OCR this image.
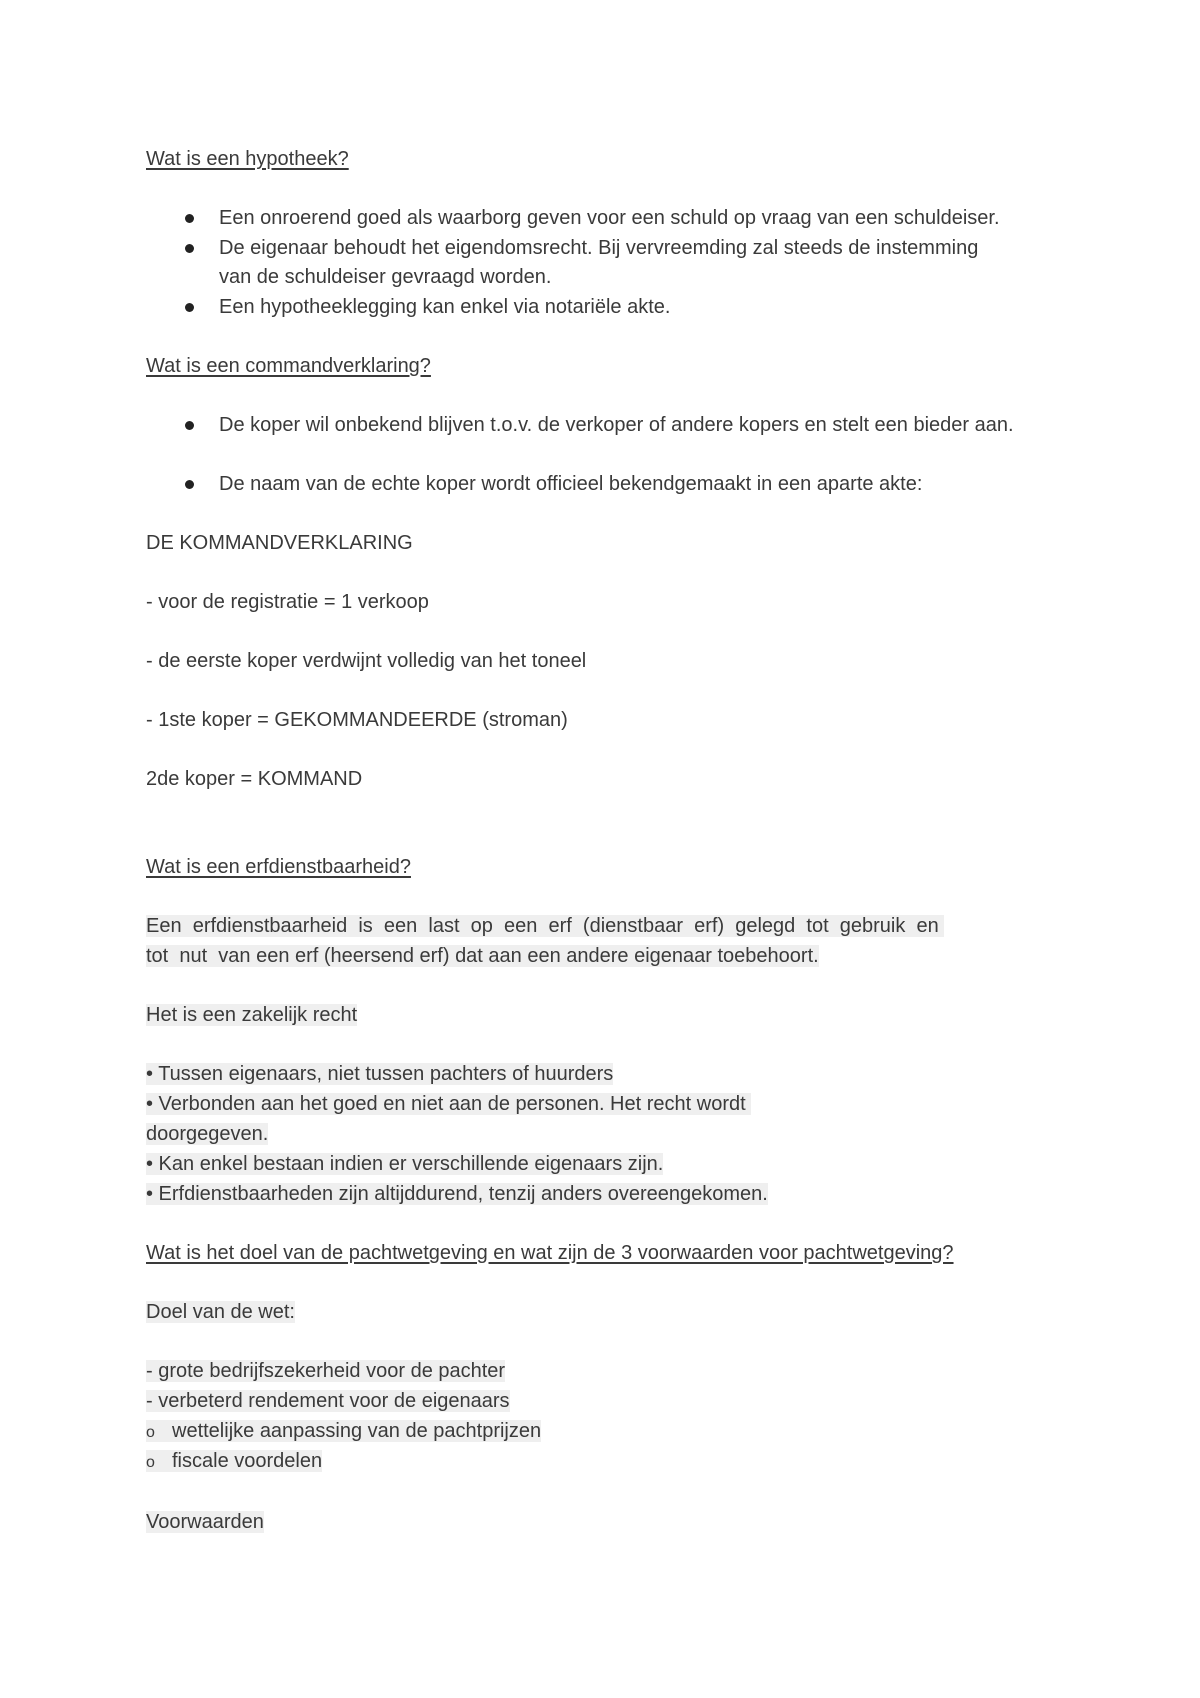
Wat is een hypotheek?
Een onroerend goed als waarborg geven voor een schuld op vraag van een schuldeiser.
De eigenaar behoudt het eigendomsrecht. Bij vervreemding zal steeds de instemming
van de schuldeiser gevraagd worden.
Een hypotheeklegging kan enkel via notariële akte.
Wat is een commandverklaring?
De koper wil onbekend blijven t.o.v. de verkoper of andere kopers en stelt een bieder aan.
De naam van de echte koper wordt officieel bekendgemaakt in een aparte akte:
DE KOMMANDVERKLARING
- voor de registratie = 1 verkoop
- de eerste koper verdwijnt volledig van het toneel
- 1ste koper = GEKOMMANDEERDE (stroman)
2de koper = KOMMAND
Wat is een erfdienstbaarheid?
Een  erfdienstbaarheid  is  een  last  op  een  erf  (dienstbaar  erf)  gelegd  tot  gebruik  en
tot  nut  van een erf (heersend erf) dat aan een andere eigenaar toebehoort.
Het is een zakelijk recht
• Tussen eigenaars, niet tussen pachters of huurders
• Verbonden aan het goed en niet aan de personen. Het recht wordt
doorgegeven.
• Kan enkel bestaan indien er verschillende eigenaars zijn.
• Erfdienstbaarheden zijn altijddurend, tenzij anders overeengekomen.
Wat is het doel van de pachtwetgeving en wat zijn de 3 voorwaarden voor pachtwetgeving?
Doel van de wet:
- grote bedrijfszekerheid voor de pachter
- verbeterd rendement voor de eigenaars
o wettelijke aanpassing van de pachtprijzen
o fiscale voordelen
Voorwaarden
